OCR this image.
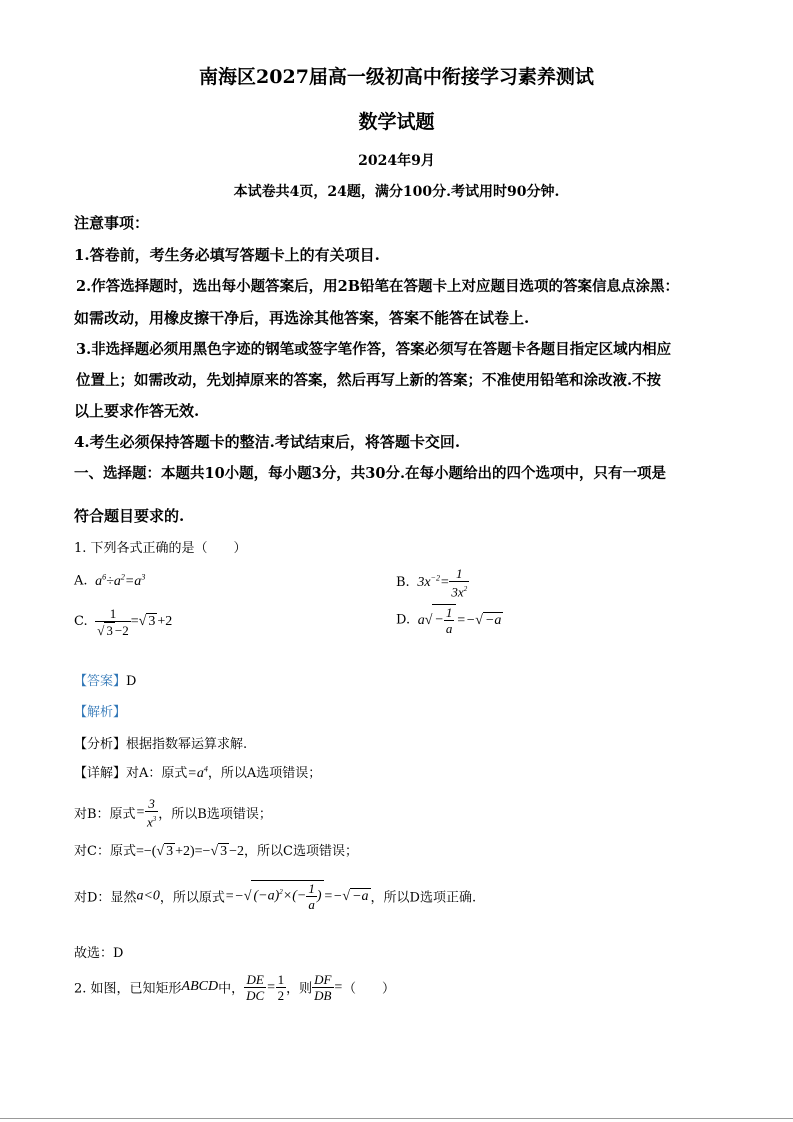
南海区2027届高一级初高中衔接学习素养测试
数学试题
2024年9月
本试卷共4页，24题，满分100分.考试用时90分钟.
注意事项：
1.答卷前，考生务必填写答题卡上的有关项目.
2.作答选择题时，选出每小题答案后，用2B铅笔在答题卡上对应题目选项的答案信息点涂黑：
如需改动，用橡皮擦干净后，再选涂其他答案，答案不能答在试卷上.
3.非选择题必须用黑色字迹的钢笔或签字笔作答，答案必须写在答题卡各题目指定区域内相应
位置上；如需改动，先划掉原来的答案，然后再写上新的答案；不准使用铅笔和涂改液.不按
以上要求作答无效.
4.考生必须保持答题卡的整洁.考试结束后，将答题卡交回.
一、选择题：本题共10小题，每小题3分，共30分.在每小题给出的四个选项中，只有一项是
符合题目要求的.
1. 下列各式正确的是（　　）
A.  $a^6\div a^2=a^3$	B.  $3x^{-2}= \frac{1}{3x^2}$
C. $\frac{1}{√ 3 -2}$ =√ 3 +2	D.  $a√ - \frac{1}{a}$ =−√ −a
【答案】D
【解析】
【分析】根据指数幂运算求解.
【详解】对A：原式$=a^4$，所以A选项错误；
对B：原式= $\frac{3}{x^3}$ ，所以B选项错误；
对C：原式=−(√ 3 +2)=−√ 3 −2，所以C选项错误；
对D：显然a<0，所以原式=−√ $(-a)^2\times(- \frac{1}{a}$ ) =−√ −a ，所以D选项正确.
故选：D
2. 如图，已知矩形ABCD中， $\frac{DE}{DC} = \frac{1}{2}$ ，则 $\frac{DF}{DB}$ =（　　）
